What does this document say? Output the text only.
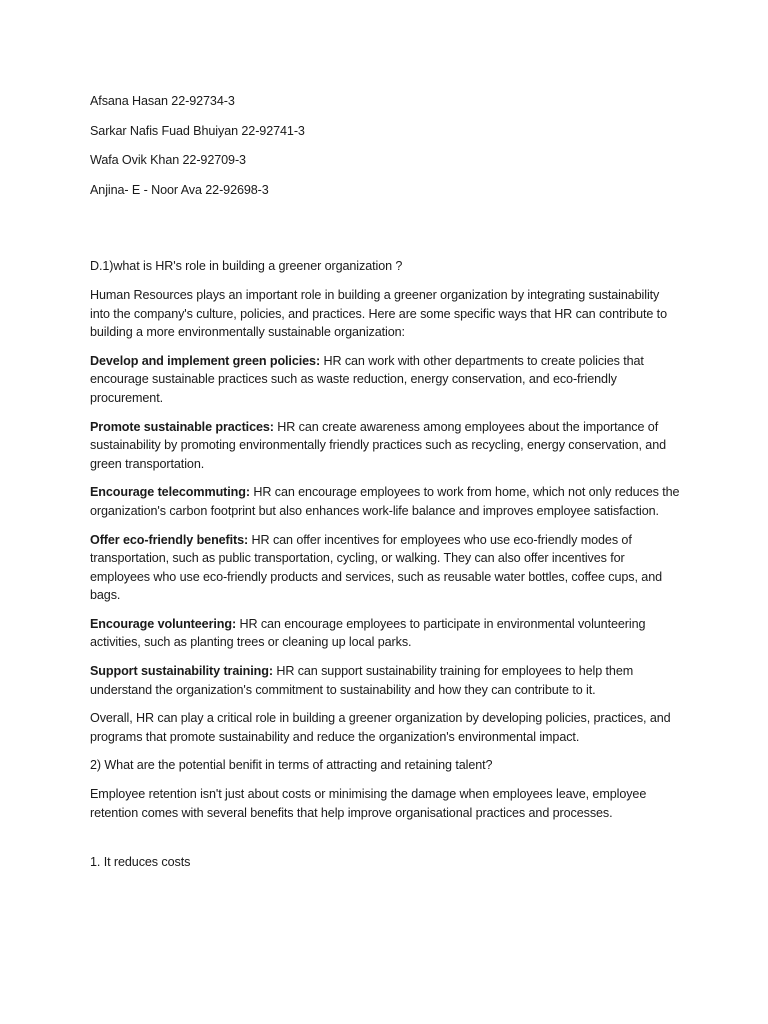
Afsana Hasan 22-92734-3

Sarkar Nafis Fuad Bhuiyan 22-92741-3

Wafa Ovik Khan 22-92709-3

Anjina- E - Noor Ava 22-92698-3

D.1)what is HR's role in building a greener organization ?

Human Resources plays an important role in building a greener organization by integrating sustainability into the company's culture, policies, and practices. Here are some specific ways that HR can contribute to building a more environmentally sustainable organization:

Develop and implement green policies: HR can work with other departments to create policies that encourage sustainable practices such as waste reduction, energy conservation, and eco-friendly procurement.

Promote sustainable practices: HR can create awareness among employees about the importance of sustainability by promoting environmentally friendly practices such as recycling, energy conservation, and green transportation.

Encourage telecommuting: HR can encourage employees to work from home, which not only reduces the organization's carbon footprint but also enhances work-life balance and improves employee satisfaction.

Offer eco-friendly benefits: HR can offer incentives for employees who use eco-friendly modes of transportation, such as public transportation, cycling, or walking. They can also offer incentives for employees who use eco-friendly products and services, such as reusable water bottles, coffee cups, and bags.

Encourage volunteering: HR can encourage employees to participate in environmental volunteering activities, such as planting trees or cleaning up local parks.

Support sustainability training: HR can support sustainability training for employees to help them understand the organization's commitment to sustainability and how they can contribute to it.

Overall, HR can play a critical role in building a greener organization by developing policies, practices, and programs that promote sustainability and reduce the organization's environmental impact.

2) What are the potential benifit in terms of attracting and retaining talent?

Employee retention isn't just about costs or minimising the damage when employees leave, employee retention comes with several benefits that help improve organisational practices and processes.

1. It reduces costs
